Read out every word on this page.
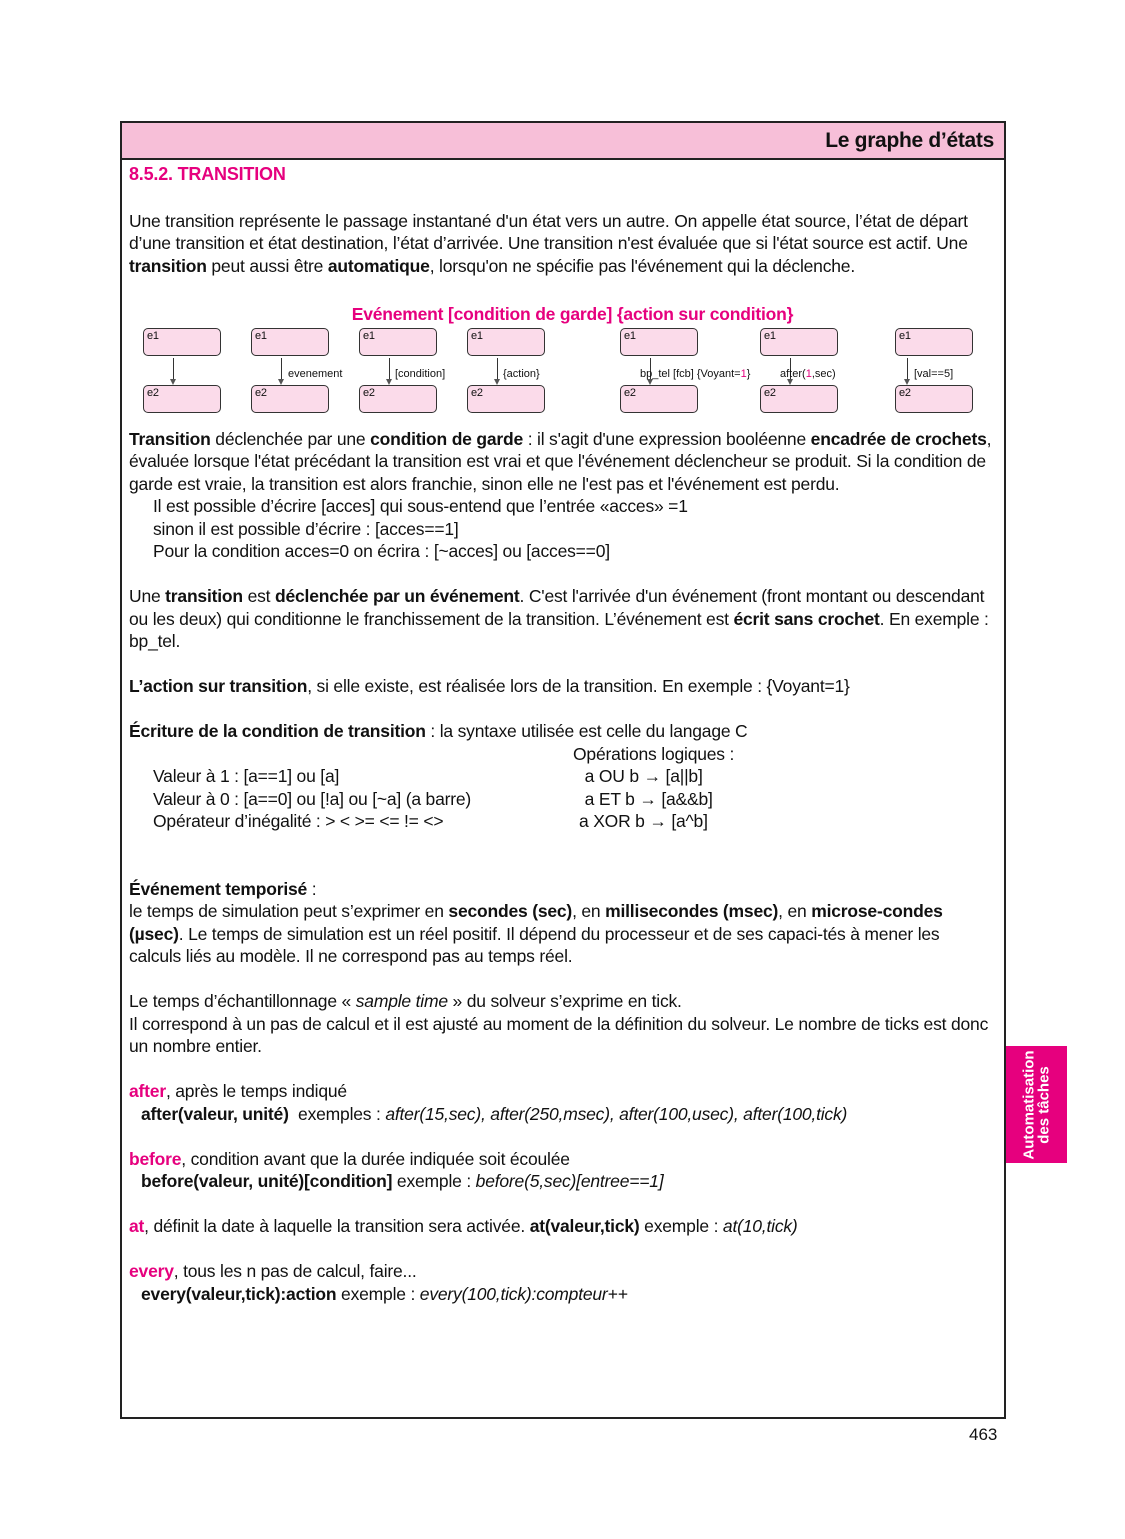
Le graphe d’états

8.5.2. TRANSITION

Une transition représente le passage instantané d'un état vers un autre. On appelle état source, l’état de départ d’une transition et état destination, l’état d’arrivée. Une transition n'est évaluée que si l'état source est actif. Une transition peut aussi être automatique, lorsqu'on ne spécifie pas l'événement qui la déclenche.

Evénement [condition de garde] {action sur condition}
e1
e2
e1
evenement
e2
e1
[condition]
e2
e1
{action}
e2
e1
bp_tel [fcb] {Voyant=1}
e2
e1
after(1,sec)
e2
e1
[val==5]
e2

Transition déclenchée par une condition de garde : il s'agit d'une expression booléenne encadrée de crochets, évaluée lorsque l'état précédant la transition est vrai et que l'événement déclencheur se produit. Si la condition de garde est vraie, la transition est alors franchie, sinon elle ne l'est pas et l'événement est perdu.

Il est possible d’écrire [acces] qui sous-entend que l’entrée «acces» =1

sinon il est possible d’écrire : [acces==1]

Pour la condition acces=0 on écrira : [~acces] ou [acces==0]

Une transition est déclenchée par un événement. C'est l'arrivée d'un événement (front montant ou descendant ou les deux) qui conditionne le franchissement de la transition. L’événement est écrit sans crochet. En exemple : bp_tel.

L’action sur transition, si elle existe, est réalisée lors de la transition. En exemple : {Voyant=1}

Écriture de la condition de transition : la syntaxe utilisée est celle du langage C

Valeur à 1 : [a==1] ou [a]

Valeur à 0 : [a==0] ou [!a] ou [~a] (a barre)

Opérateur d’inégalité : > < >= <= != <>

Opérations logiques :

a OU b → [a||b]

a ET b → [a&&b]

a XOR b → [a^b]

Événement temporisé :

le temps de simulation peut s’exprimer en secondes (sec), en millisecondes (msec), en microse-condes (µsec). Le temps de simulation est un réel positif. Il dépend du processeur et de ses capaci-tés à mener les calculs liés au modèle. Il ne correspond pas au temps réel.

Le temps d’échantillonnage « sample time » du solveur s’exprime en tick.

Il correspond à un pas de calcul et il est ajusté au moment de la définition du solveur. Le nombre de ticks est donc un nombre entier.

after, après le temps indiqué

after(valeur, unité)  exemples : after(15,sec), after(250,msec), after(100,usec), after(100,tick)

before, condition avant que la durée indiquée soit écoulée

before(valeur, unité)[condition] exemple : before(5,sec)[entree==1]

at, définit la date à laquelle la transition sera activée. at(valeur,tick) exemple : at(10,tick)

every, tous les n pas de calcul, faire...

every(valeur,tick):action exemple : every(100,tick):compteur++

Automatisation
des tâches
463
